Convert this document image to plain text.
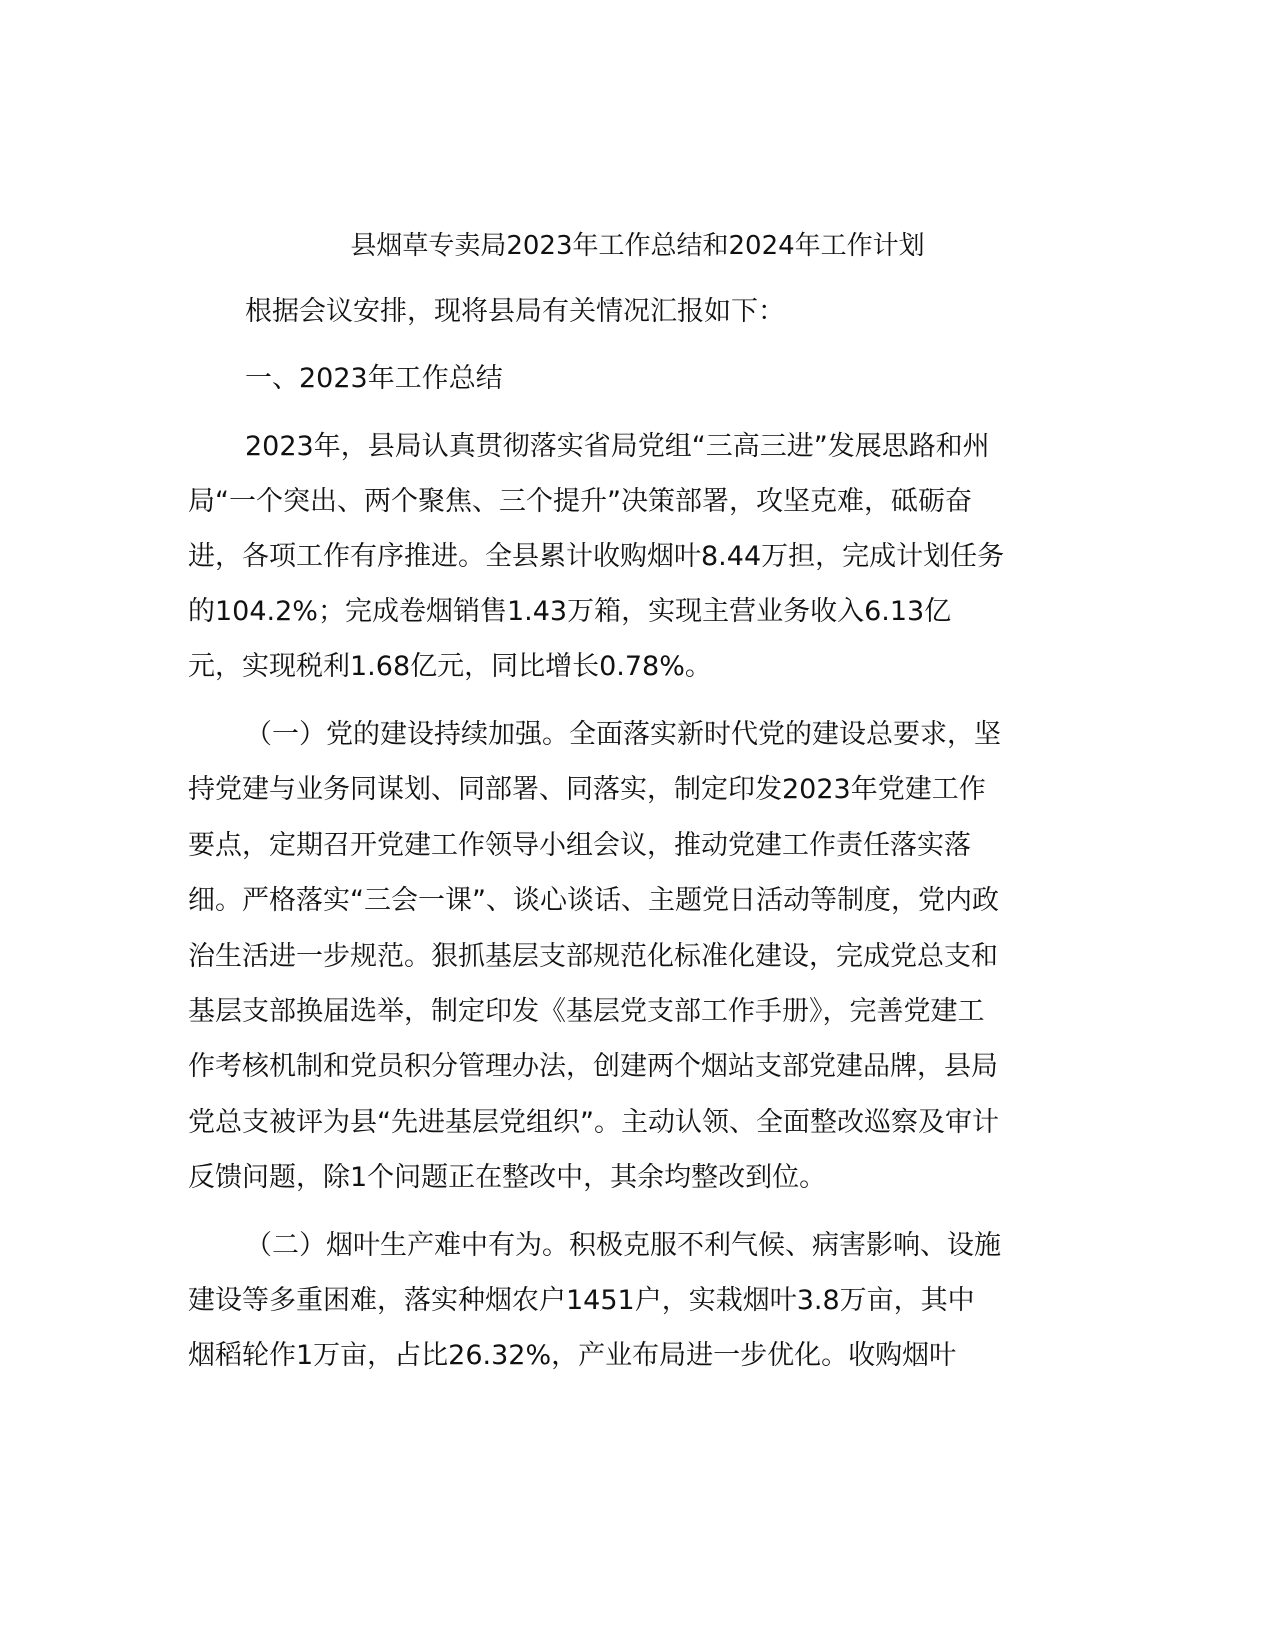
县烟草专卖局2023年工作总结和2024年工作计划
根据会议安排，现将县局有关情况汇报如下：
一、2023年工作总结
2023年，县局认真贯彻落实省局党组“三高三进”发展思路和州
局“一个突出、两个聚焦、三个提升”决策部署，攻坚克难，砥砺奋
进，各项工作有序推进。全县累计收购烟叶8.44万担，完成计划任务
的104.2%；完成卷烟销售1.43万箱，实现主营业务收入6.13亿
元，实现税利1.68亿元，同比增长0.78%。
（一）党的建设持续加强。全面落实新时代党的建设总要求，坚
持党建与业务同谋划、同部署、同落实，制定印发2023年党建工作
要点，定期召开党建工作领导小组会议，推动党建工作责任落实落
细。严格落实“三会一课”、谈心谈话、主题党日活动等制度，党内政
治生活进一步规范。狠抓基层支部规范化标准化建设，完成党总支和
基层支部换届选举，制定印发《基层党支部工作手册》，完善党建工
作考核机制和党员积分管理办法，创建两个烟站支部党建品牌，县局
党总支被评为县“先进基层党组织”。主动认领、全面整改巡察及审计
反馈问题，除1个问题正在整改中，其余均整改到位。
（二）烟叶生产难中有为。积极克服不利气候、病害影响、设施
建设等多重困难，落实种烟农户1451户，实栽烟叶3.8万亩，其中
烟稻轮作1万亩，占比26.32%，产业布局进一步优化。收购烟叶
